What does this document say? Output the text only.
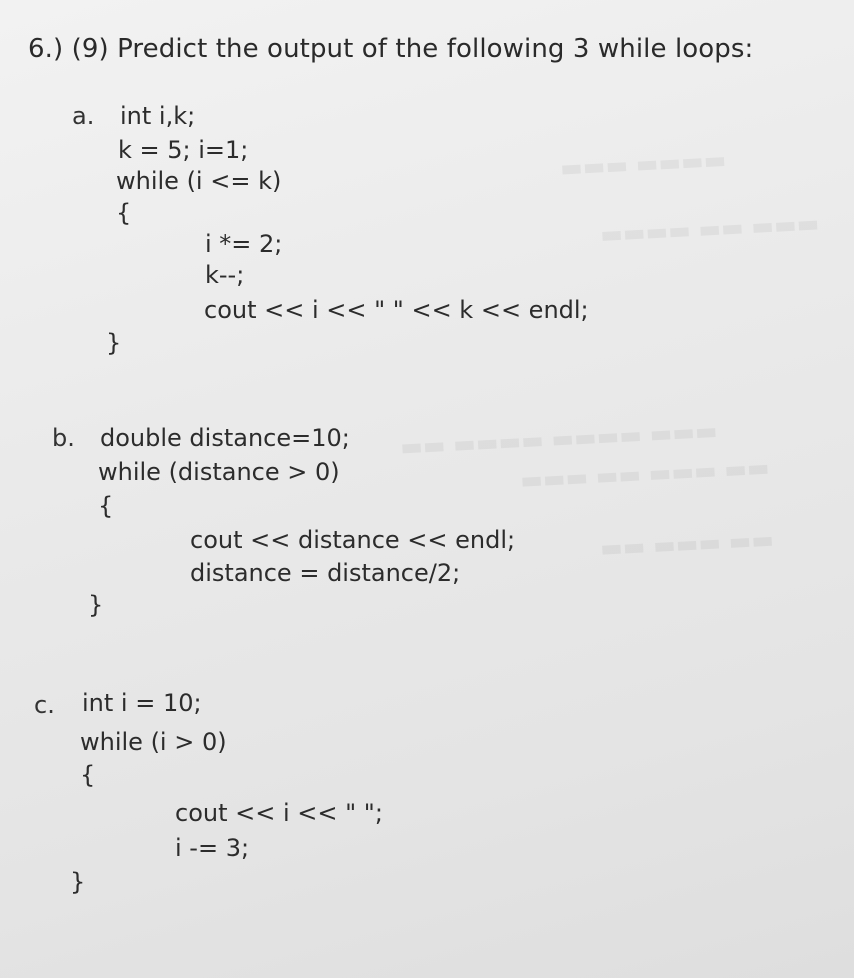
▬▬▬ ▬▬▬▬
▬▬▬▬ ▬▬ ▬▬▬
▬▬ ▬▬▬▬ ▬▬▬▬ ▬▬▬
▬▬▬ ▬▬ ▬▬▬ ▬▬
▬▬ ▬▬▬ ▬▬
6.) (9) Predict the output of the following 3 while loops:
a. int i,k;
k = 5; i=1;
while (i <= k)
{
i *= 2;
k--;
cout << i << " " << k << endl;
}
b. double distance=10;
while (distance > 0)
{
cout << distance << endl;
distance = distance/2;
}
c. int i = 10;
while (i > 0)
{
cout << i << " ";
i -= 3;
}
